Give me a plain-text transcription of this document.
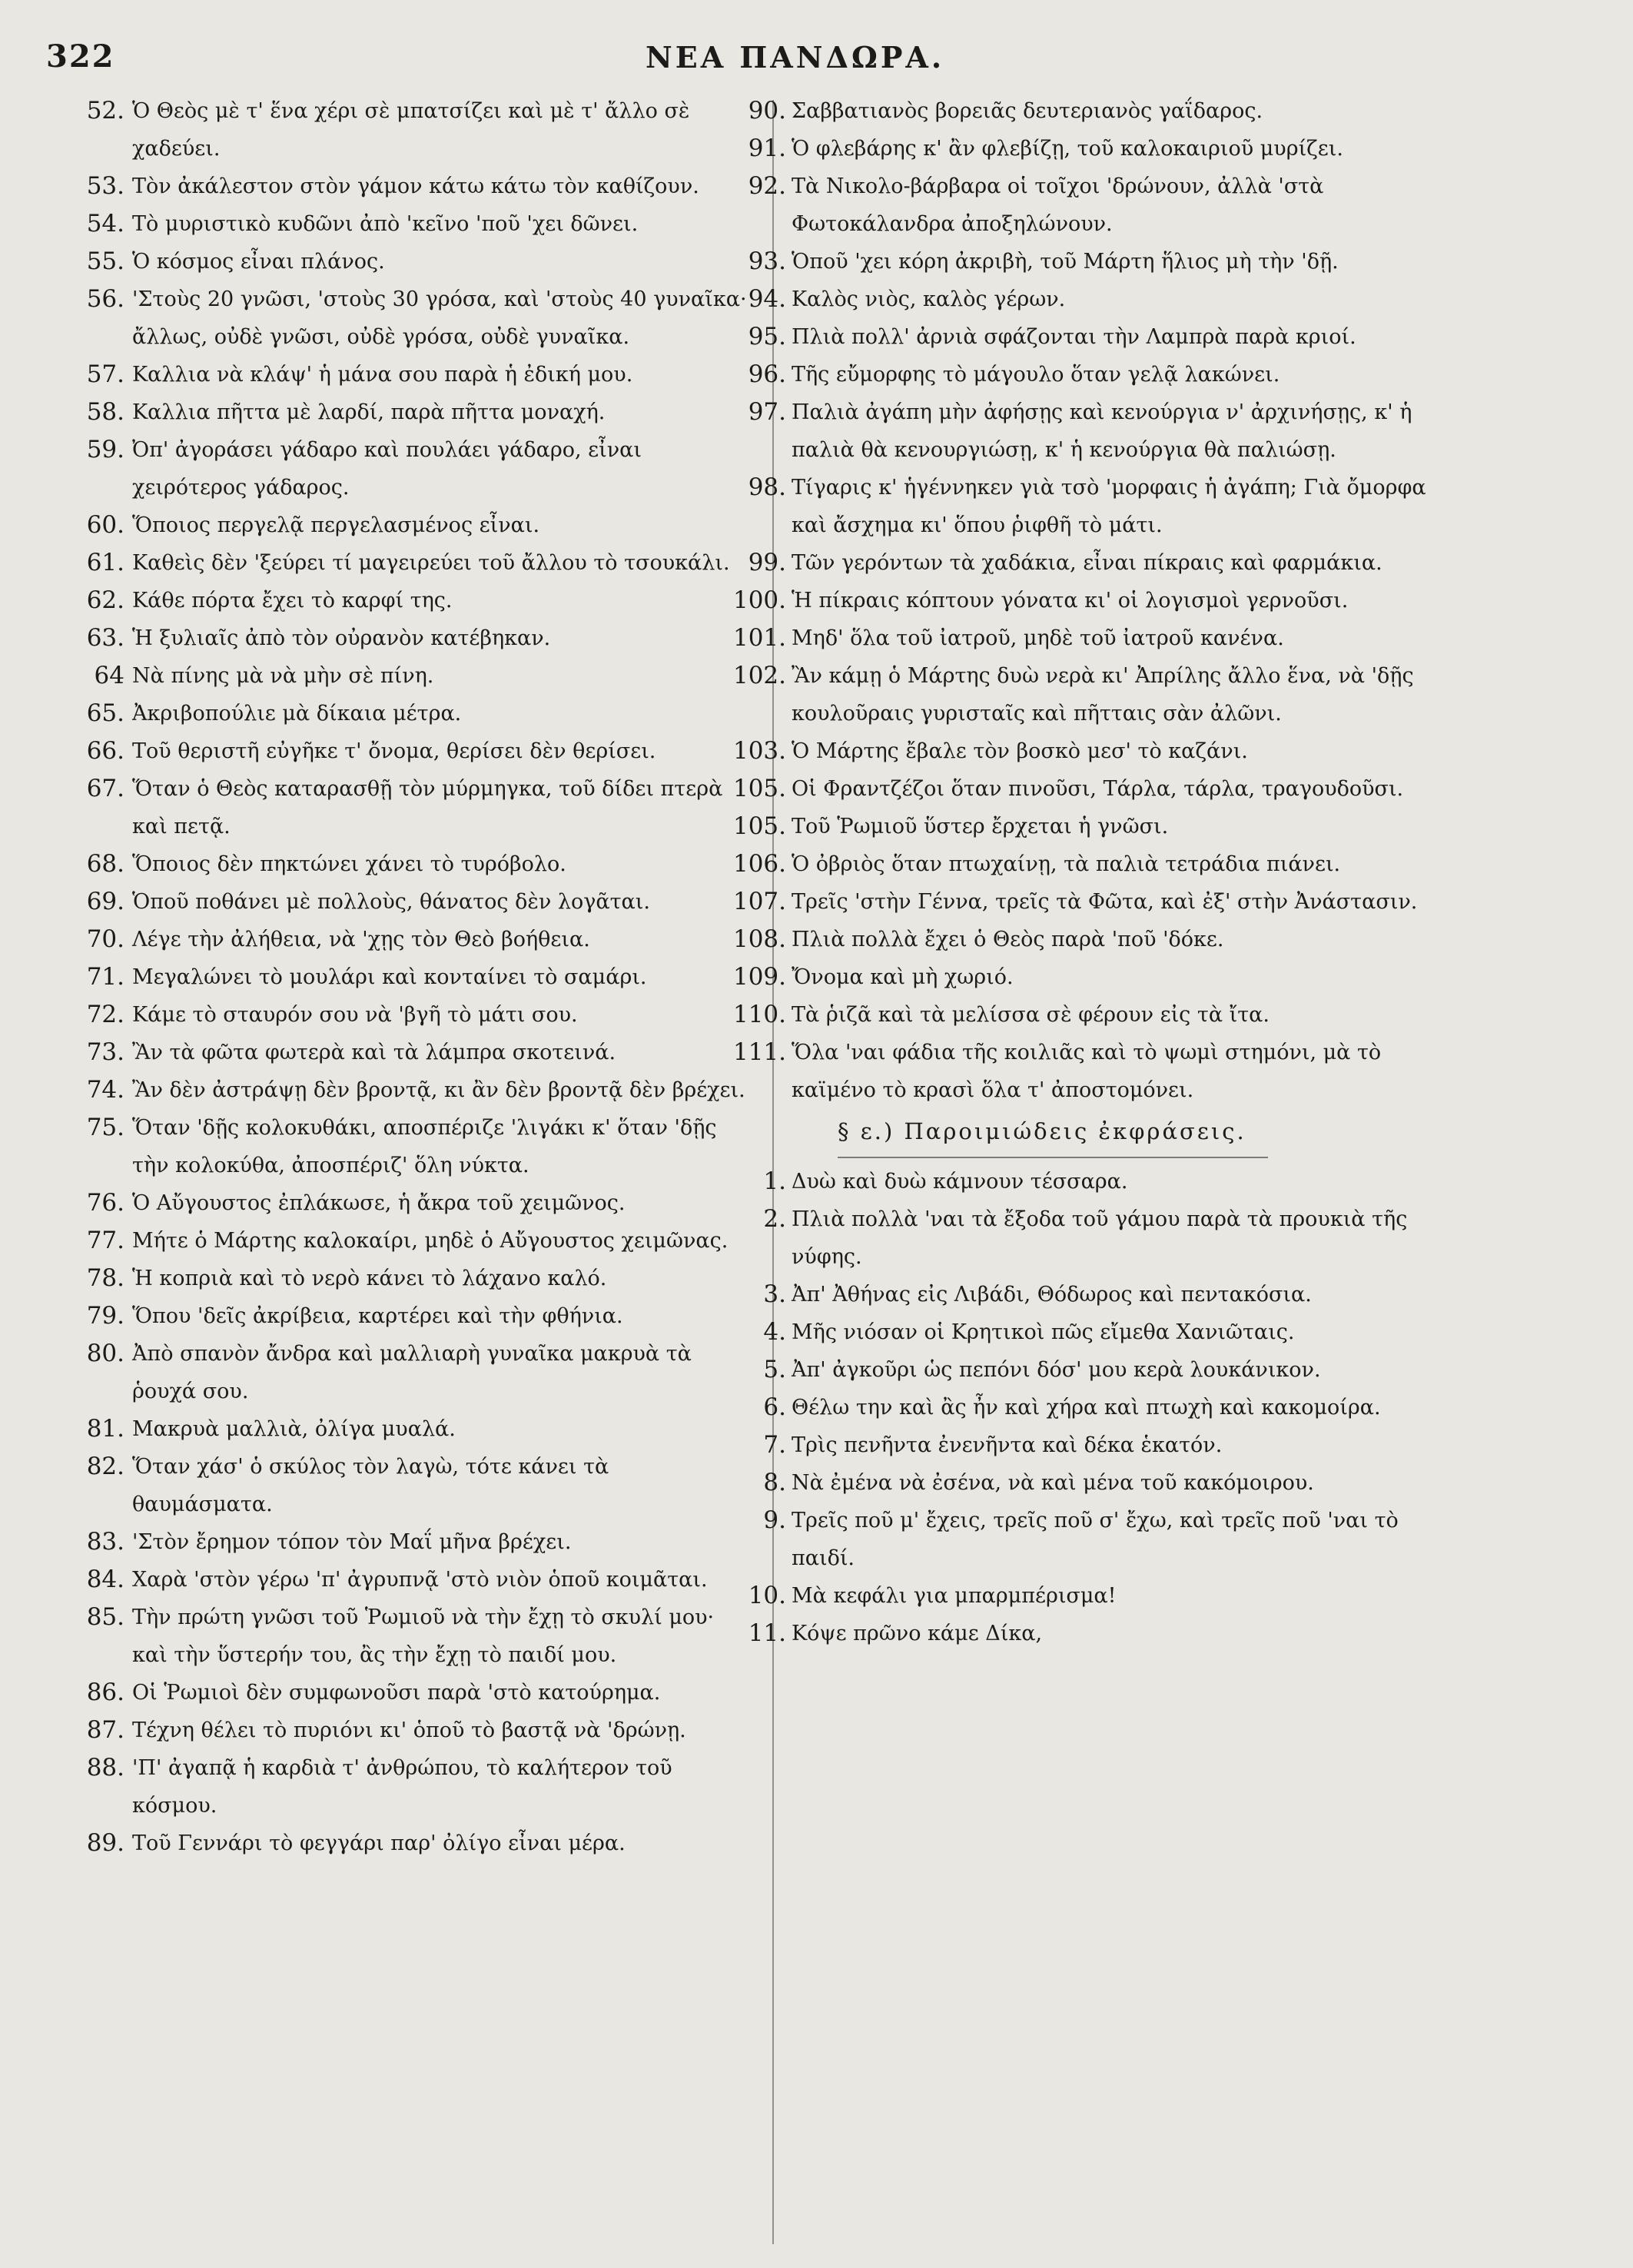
322	ΝΕΑ ΠΑΝΔΩΡΑ.
52. Ὁ Θεὸς μὲ τ' ἕνα χέρι σὲ μπατσίζει καὶ μὲ τ' ἄλλο σὲ χαδεύει.
53. Τὸν ἀκάλεστον στὸν γάμον κάτω κάτω τὸν καθίζουν.
54. Τὸ μυριστικὸ κυδῶνι ἀπὸ 'κεῖνο 'ποῦ 'χει δῶνει.
55. Ὁ κόσμος εἶναι πλάνος.
56. 'Στοὺς 20 γνῶσι, 'στοὺς 30 γρόσα, καὶ 'στοὺς 40 γυναῖκα· ἄλλως, οὐδὲ γνῶσι, οὐδὲ γρόσα, οὐδὲ γυναῖκα.
57. Καλλια νὰ κλάψ' ἡ μάνα σου παρὰ ἡ ἐδική μου.
58. Καλλια πῆττα μὲ λαρδί, παρὰ πῆττα μοναχή.
59. Ὀπ' ἀγοράσει γάδαρο καὶ πουλάει γάδαρο, εἶναι χειρότερος γάδαρος.
60. Ὅποιος περγελᾷ περγελασμένος εἶναι.
61. Καθεὶς δὲν 'ξεύρει τί μαγειρεύει τοῦ ἄλλου τὸ τσουκάλι.
62. Κάθε πόρτα ἔχει τὸ καρφί της.
63. Ἡ ξυλιαῖς ἀπὸ τὸν οὐρανὸν κατέβηκαν.
64 Νὰ πίνης μὰ νὰ μὴν σὲ πίνη.
65. Ἀκριβοπούλιε μὰ δίκαια μέτρα.
66. Τοῦ θεριστῆ εὐγῆκε τ' ὄνομα, θερίσει δὲν θερίσει.
67. Ὅταν ὁ Θεὸς καταρασθῇ τὸν μύρμηγκα, τοῦ δίδει πτερὰ καὶ πετᾷ.
68. Ὅποιος δὲν πηκτώνει χάνει τὸ τυρόβολο.
69. Ὁποῦ ποθάνει μὲ πολλοὺς, θάνατος δὲν λογᾶται.
70. Λέγε τὴν ἀλήθεια, νὰ 'χῃς τὸν Θεὸ βοήθεια.
71. Μεγαλώνει τὸ μουλάρι καὶ κονταίνει τὸ σαμάρι.
72. Κάμε τὸ σταυρόν σου νὰ 'βγῆ τὸ μάτι σου.
73. Ἂν τὰ φῶτα φωτερὰ καὶ τὰ λάμπρα σκοτεινά.
74. Ἂν δὲν ἀστράψῃ δὲν βροντᾷ, κι ἂν δὲν βροντᾷ δὲν βρέχει.
75. Ὅταν 'δῇς κολοκυθάκι, αποσπέριζε 'λιγάκι κ' ὅταν 'δῇς τὴν κολοκύθα, ἀποσπέριζ' ὅλη νύκτα.
76. Ὁ Αὔγουστος ἐπλάκωσε, ἡ ἄκρα τοῦ χειμῶνος.
77. Μήτε ὁ Μάρτης καλοκαίρι, μηδὲ ὁ Αὔγουστος χειμῶνας.
78. Ἡ κοπριὰ καὶ τὸ νερὸ κάνει τὸ λάχανο καλό.
79. Ὅπου 'δεῖς ἀκρίβεια, καρτέρει καὶ τὴν φθήνια.
80. Ἀπὸ σπανὸν ἄνδρα καὶ μαλλιαρὴ γυναῖκα μακρυὰ τὰ ῥουχά σου.
81. Μακρυὰ μαλλιὰ, ὀλίγα μυαλά.
82. Ὅταν χάσ' ὁ σκύλος τὸν λαγὼ, τότε κάνει τὰ θαυμάσματα.
83. 'Στὸν ἔρημον τόπον τὸν Μαΐ μῆνα βρέχει.
84. Χαρὰ 'στὸν γέρω 'π' ἀγρυπνᾷ 'στὸ νιὸν ὁποῦ κοιμᾶται.
85. Τὴν πρώτη γνῶσι τοῦ Ῥωμιοῦ νὰ τὴν ἔχῃ τὸ σκυλί μου· καὶ τὴν ὕστερήν του, ἂς τὴν ἔχῃ τὸ παιδί μου.
86. Οἱ Ῥωμιοὶ δὲν συμφωνοῦσι παρὰ 'στὸ κατούρημα.
87. Τέχνη θέλει τὸ πυριόνι κι' ὁποῦ τὸ βαστᾷ νὰ 'δρώνῃ.
88. 'Π' ἀγαπᾷ ἡ καρδιὰ τ' ἀνθρώπου, τὸ καλήτερον τοῦ κόσμου.
89. Τοῦ Γεννάρι τὸ φεγγάρι παρ' ὀλίγο εἶναι μέρα.
90. Σαββατιανὸς βορειᾶς δευτεριανὸς γαΐδαρος.
91. Ὁ φλεβάρης κ' ἂν φλεβίζῃ, τοῦ καλοκαιριοῦ μυρίζει.
92. Τὰ Νικολο-βάρβαρα οἱ τοῖχοι 'δρώνουν, ἀλλὰ 'στὰ Φωτοκάλανδρα ἀποξηλώνουν.
93. Ὁποῦ 'χει κόρη ἀκριβὴ, τοῦ Μάρτη ἥλιος μὴ τὴν 'δῇ.
94. Καλὸς νιὸς, καλὸς γέρων.
95. Πλιὰ πολλ' ἀρνιὰ σφάζονται τὴν Λαμπρὰ παρὰ κριοί.
96. Τῆς εὔμορφης τὸ μάγουλο ὅταν γελᾷ λακώνει.
97. Παλιὰ ἀγάπη μὴν ἀφήσῃς καὶ κενούργια ν' ἀρχινήσῃς, κ' ἡ παλιὰ θὰ κενουργιώσῃ, κ' ἡ κενούργια θὰ παλιώσῃ.
98. Τίγαρις κ' ἡγέννηκεν γιὰ τσὸ 'μορφαις ἡ ἀγάπη; Γιὰ ὄμορφα καὶ ἄσχημα κι' ὅπου ῥιφθῆ τὸ μάτι.
99. Τῶν γερόντων τὰ χαδάκια, εἶναι πίκραις καὶ φαρμάκια.
100. Ἡ πίκραις κόπτουν γόνατα κι' οἱ λογισμοὶ γερνοῦσι.
101. Μηδ' ὅλα τοῦ ἰατροῦ, μηδὲ τοῦ ἰατροῦ κανένα.
102. Ἂν κάμῃ ὁ Μάρτης δυὼ νερὰ κι' Ἀπρίλης ἄλλο ἕνα, νὰ 'δῇς κουλοῦραις γυρισταῖς καὶ πῆτταις σὰν ἀλῶνι.
103. Ὁ Μάρτης ἔβαλε τὸν βοσκὸ μεσ' τὸ καζάνι.
105. Οἱ Φραντζέζοι ὅταν πινοῦσι, Τάρλα, τάρλα, τραγουδοῦσι.
105. Τοῦ Ῥωμιοῦ ὕστερ ἔρχεται ἡ γνῶσι.
106. Ὁ ὀβριὸς ὅταν πτωχαίνῃ, τὰ παλιὰ τετράδια πιάνει.
107. Τρεῖς 'στὴν Γέννα, τρεῖς τὰ Φῶτα, καὶ ἐξ' στὴν Ἀνάστασιν.
108. Πλιὰ πολλὰ ἔχει ὁ Θεὸς παρὰ 'ποῦ 'δόκε.
109. Ὄνομα καὶ μὴ χωριό.
110. Τὰ ῥιζᾶ καὶ τὰ μελίσσα σὲ φέρουν εἰς τὰ ἴτα.
111. Ὅλα 'ναι φάδια τῆς κοιλιᾶς καὶ τὸ ψωμὶ στημόνι, μὰ τὸ καϊμένο τὸ κρασὶ ὅλα τ' ἀποστομόνει.
§ ε.) Παροιμιώδεις ἐκφράσεις.
1. Δυὼ καὶ δυὼ κάμνουν τέσσαρα.
2. Πλιὰ πολλὰ 'ναι τὰ ἔξοδα τοῦ γάμου παρὰ τὰ προυκιὰ τῆς νύφης.
3. Ἀπ' Ἀθήνας εἰς Λιβάδι, Θόδωρος καὶ πεντακόσια.
4. Μῆς νιόσαν οἱ Κρητικοὶ πῶς εἴμεθα Χανιῶταις.
5. Ἀπ' ἀγκοῦρι ὡς πεπόνι δόσ' μου κερὰ λουκάνικον.
6. Θέλω την καὶ ἂς ἦν καὶ χήρα καὶ πτωχὴ καὶ κακομοίρα.
7. Τρὶς πενῆντα ἐνενῆντα καὶ δέκα ἑκατόν.
8. Νὰ ἐμένα νὰ ἐσένα, νὰ καὶ μένα τοῦ κακόμοιρου.
9. Τρεῖς ποῦ μ' ἔχεις, τρεῖς ποῦ σ' ἔχω, καὶ τρεῖς ποῦ 'ναι τὸ παιδί.
10. Μὰ κεφάλι για μπαρμπέρισμα!
11. Κόψε πρῶνο κάμε Δίκα,
